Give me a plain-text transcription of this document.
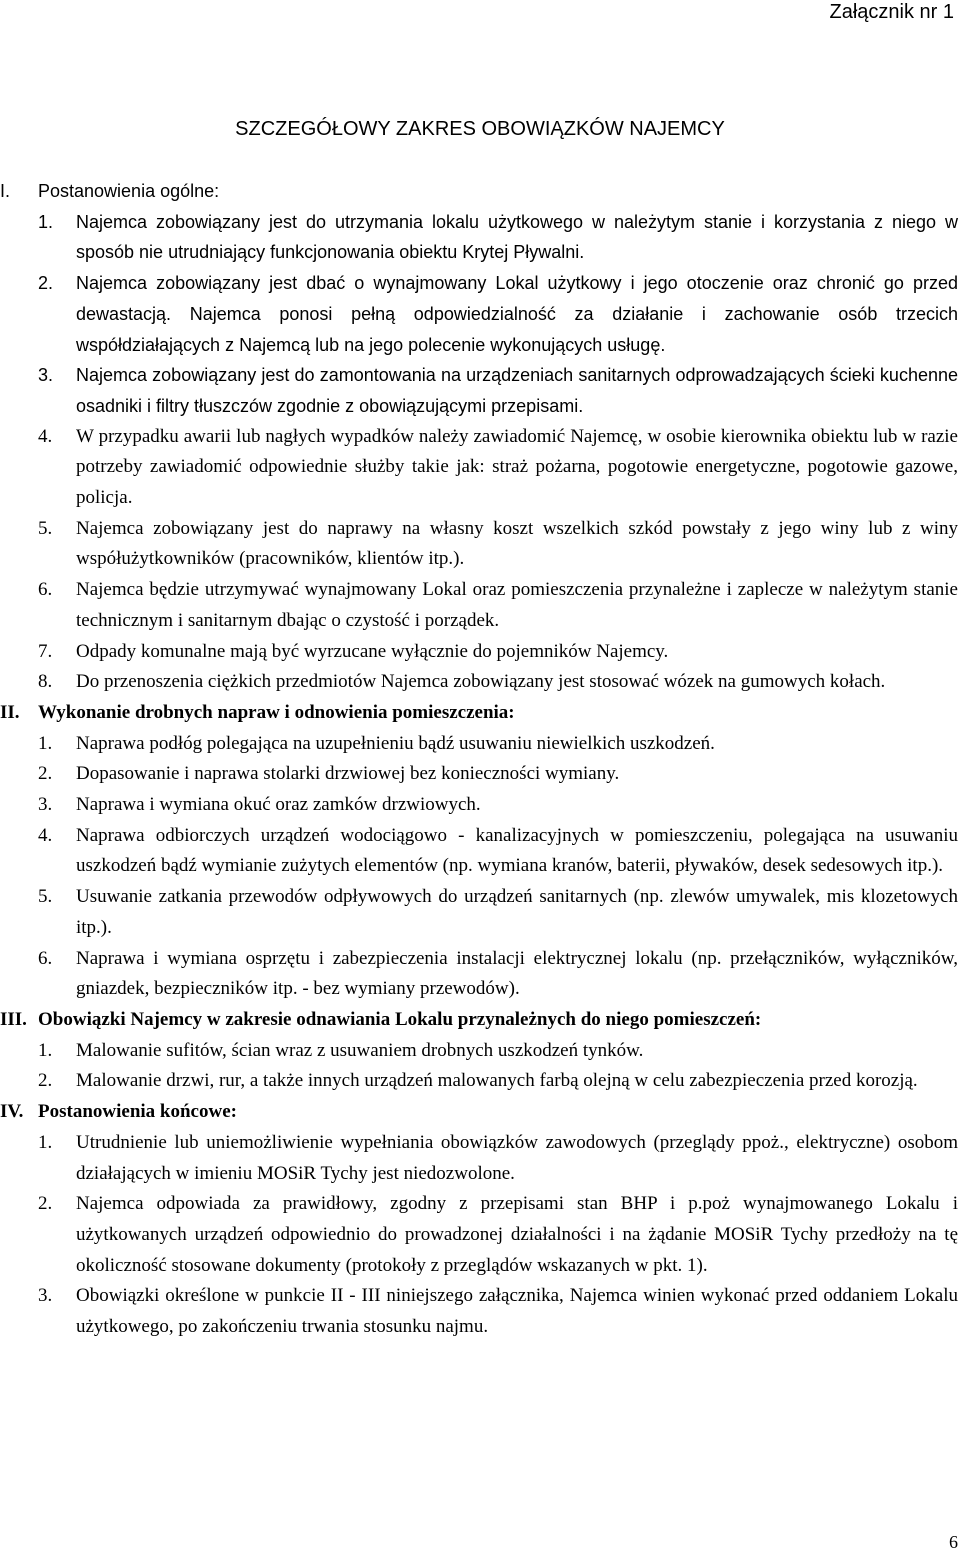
Załącznik nr 1
SZCZEGÓŁOWY ZAKRES OBOWIĄZKÓW NAJEMCY
I.	Postanowienia ogólne:
1.	Najemca zobowiązany jest do utrzymania lokalu użytkowego w należytym stanie i korzystania z niego w sposób nie utrudniający funkcjonowania obiektu Krytej Pływalni.
2.	Najemca zobowiązany jest dbać o wynajmowany Lokal użytkowy i jego otoczenie oraz chronić go przed dewastacją. Najemca ponosi pełną odpowiedzialność za działanie i zachowanie osób trzecich współdziałających z Najemcą lub na jego polecenie wykonujących usługę.
3.	Najemca zobowiązany jest do zamontowania na urządzeniach sanitarnych odprowadzających ścieki kuchenne osadniki i filtry tłuszczów zgodnie z obowiązującymi przepisami.
4.	W przypadku awarii lub nagłych wypadków należy zawiadomić Najemcę, w osobie kierownika obiektu lub w razie potrzeby zawiadomić odpowiednie służby takie jak: straż pożarna, pogotowie energetyczne, pogotowie gazowe, policja.
5.	Najemca zobowiązany jest do naprawy na własny koszt wszelkich szkód powstały z jego winy lub z winy współużytkowników (pracowników, klientów itp.).
6.	Najemca będzie utrzymywać wynajmowany Lokal oraz pomieszczenia przynależne i zaplecze w należytym stanie technicznym i sanitarnym dbając o czystość i porządek.
7.	Odpady komunalne mają być wyrzucane wyłącznie do pojemników Najemcy.
8.	Do przenoszenia ciężkich przedmiotów Najemca zobowiązany jest stosować wózek na gumowych kołach.
II. Wykonanie drobnych napraw i odnowienia pomieszczenia:
1.	Naprawa podłóg polegająca na uzupełnieniu bądź usuwaniu niewielkich uszkodzeń.
2.	Dopasowanie i naprawa stolarki drzwiowej bez konieczności wymiany.
3.	Naprawa i wymiana okuć oraz zamków drzwiowych.
4.	Naprawa odbiorczych urządzeń wodociągowo - kanalizacyjnych w pomieszczeniu, polegająca na usuwaniu uszkodzeń bądź wymianie zużytych elementów (np. wymiana kranów, baterii, pływaków, desek sedesowych itp.).
5.	Usuwanie zatkania przewodów odpływowych do urządzeń sanitarnych (np. zlewów umywalek, mis klozetowych itp.).
6.	Naprawa i wymiana osprzętu i zabezpieczenia instalacji elektrycznej lokalu (np. przełączników, wyłączników, gniazdek, bezpieczników itp. - bez wymiany przewodów).
III. Obowiązki Najemcy w zakresie odnawiania Lokalu przynależnych do niego pomieszczeń:
1.	Malowanie sufitów, ścian wraz z usuwaniem drobnych uszkodzeń tynków.
2.	Malowanie drzwi, rur, a także innych urządzeń malowanych farbą olejną w celu zabezpieczenia przed korozją.
IV. Postanowienia końcowe:
1.	Utrudnienie lub uniemożliwienie wypełniania obowiązków zawodowych (przeglądy ppoż., elektryczne) osobom działających w imieniu MOSiR Tychy jest niedozwolone.
2.	Najemca odpowiada za prawidłowy, zgodny z przepisami stan BHP i p.poż wynajmowanego Lokalu i użytkowanych urządzeń odpowiednio do prowadzonej działalności i na żądanie MOSiR Tychy przedłoży na tę okoliczność stosowane dokumenty (protokoły z przeglądów wskazanych w pkt. 1).
3.	Obowiązki określone w punkcie II - III niniejszego załącznika, Najemca winien wykonać przed oddaniem Lokalu użytkowego, po zakończeniu trwania stosunku najmu.
6
